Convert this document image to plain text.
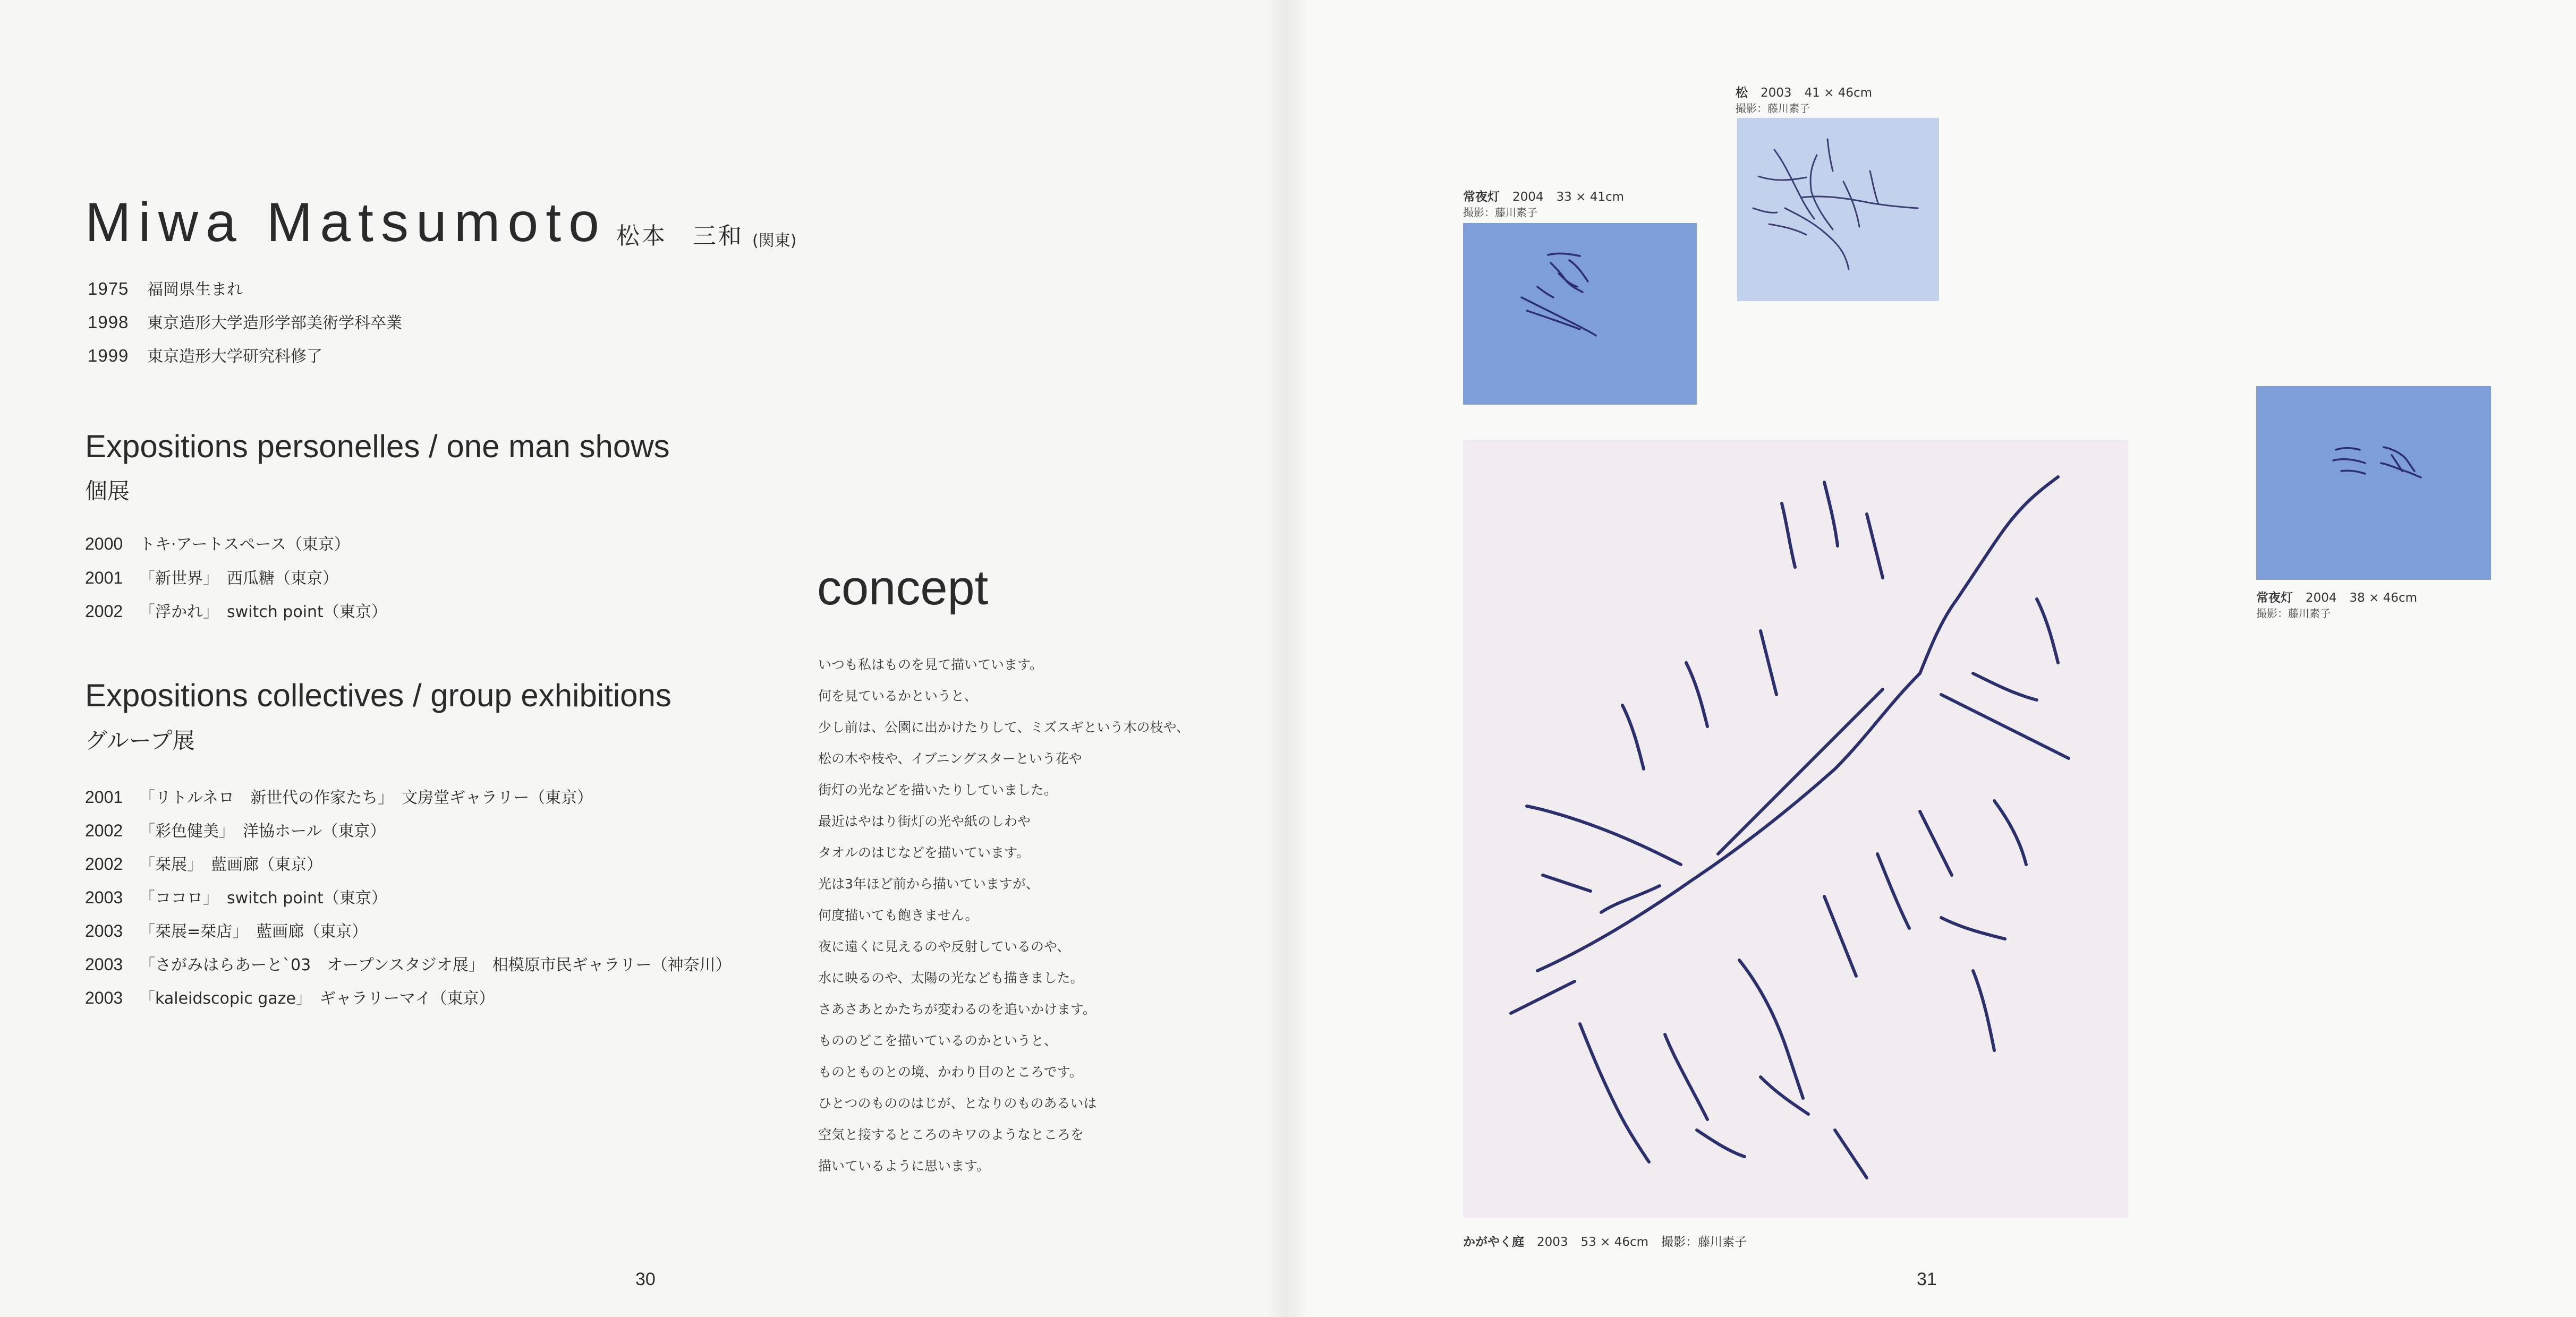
Miwa Matsumoto 松本　三和 (関東)
1975 福岡県生まれ
1998 東京造形大学造形学部美術学科卒業
1999 東京造形大学研究科修了
Expositions personelles / one man shows
個展
2000 トキ·アートスペース（東京）
2001 「新世界」　西瓜糖（東京）
2002 「浮かれ」　switch point（東京）
Expositions collectives / group exhibitions
グループ展
2001 「リトルネロ　新世代の作家たち」　文房堂ギャラリー（東京）
2002 「彩色健美」　洋協ホール（東京）
2002 「栞展」　藍画廊（東京）
2003 「ココロ」　switch point（東京）
2003 「栞展=栞店」　藍画廊（東京）
2003 「さがみはらあーと`03　オープンスタジオ展」　相模原市民ギャラリー（神奈川）
2003 「kaleidscopic gaze」　ギャラリーマイ（東京）
concept
いつも私はものを見て描いています。
何を見ているかというと、
少し前は、公園に出かけたりして、ミズスギという木の枝や、
松の木や枝や、イブニングスターという花や
街灯の光などを描いたりしていました。
最近はやはり街灯の光や紙のしわや
タオルのはじなどを描いています。
光は3年ほど前から描いていますが、
何度描いても飽きません。
夜に遠くに見えるのや反射しているのや、
水に映るのや、太陽の光なども描きました。
さあさあとかたちが変わるのを追いかけます。
もののどこを描いているのかというと、
ものとものとの境、かわり目のところです。
ひとつのもののはじが、となりのものあるいは
空気と接するところのキワのようなところを
描いているように思います。
30
松 2003 41 × 46cm
撮影：藤川素子
常夜灯 2004 33 × 41cm
撮影：藤川素子
常夜灯 2004 38 × 46cm
撮影：藤川素子
かがやく庭 2003 53 × 46cm 撮影：藤川素子
31
